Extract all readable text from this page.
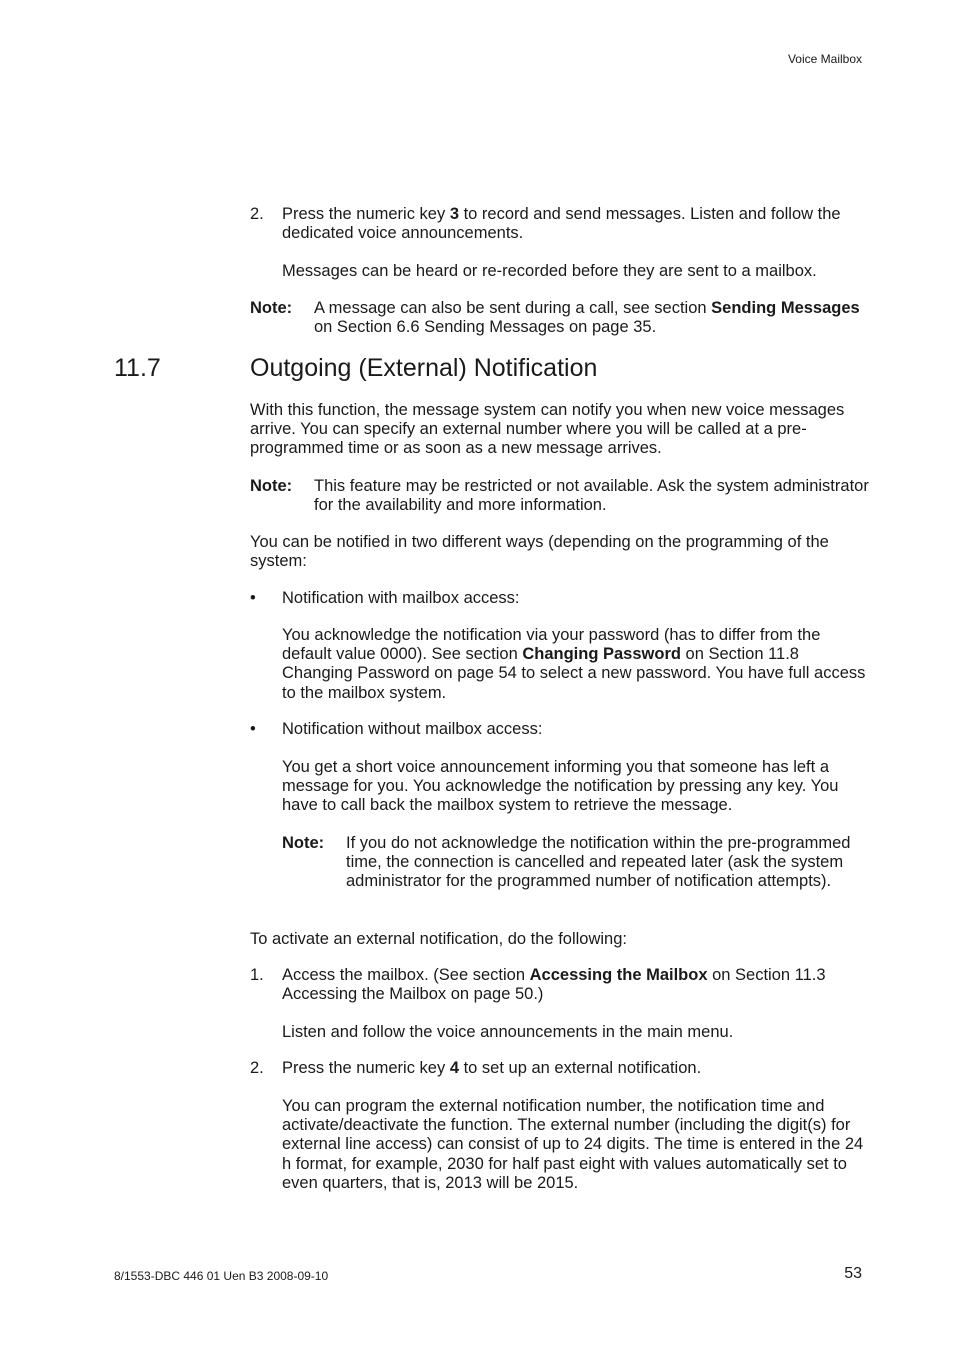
Voice Mailbox
2. Press the numeric key 3 to record and send messages. Listen and follow the dedicated voice announcements.
Messages can be heard or re-recorded before they are sent to a mailbox.
Note: A message can also be sent during a call, see section Sending Messages on Section 6.6 Sending Messages on page 35.
11.7	Outgoing (External) Notification
With this function, the message system can notify you when new voice messages arrive. You can specify an external number where you will be called at a pre-programmed time or as soon as a new message arrives.
Note: This feature may be restricted or not available. Ask the system administrator for the availability and more information.
You can be notified in two different ways (depending on the programming of the system:
• Notification with mailbox access:
You acknowledge the notification via your password (has to differ from the default value 0000). See section Changing Password on Section 11.8 Changing Password on page 54 to select a new password. You have full access to the mailbox system.
• Notification without mailbox access:
You get a short voice announcement informing you that someone has left a message for you. You acknowledge the notification by pressing any key. You have to call back the mailbox system to retrieve the message.
Note: If you do not acknowledge the notification within the pre-programmed time, the connection is cancelled and repeated later (ask the system administrator for the programmed number of notification attempts).
To activate an external notification, do the following:
1. Access the mailbox. (See section Accessing the Mailbox on Section 11.3 Accessing the Mailbox on page 50.)
Listen and follow the voice announcements in the main menu.
2. Press the numeric key 4 to set up an external notification.
You can program the external notification number, the notification time and activate/deactivate the function. The external number (including the digit(s) for external line access) can consist of up to 24 digits. The time is entered in the 24 h format, for example, 2030 for half past eight with values automatically set to even quarters, that is, 2013 will be 2015.
8/1553-DBC 446 01 Uen B3 2008-09-10	53
